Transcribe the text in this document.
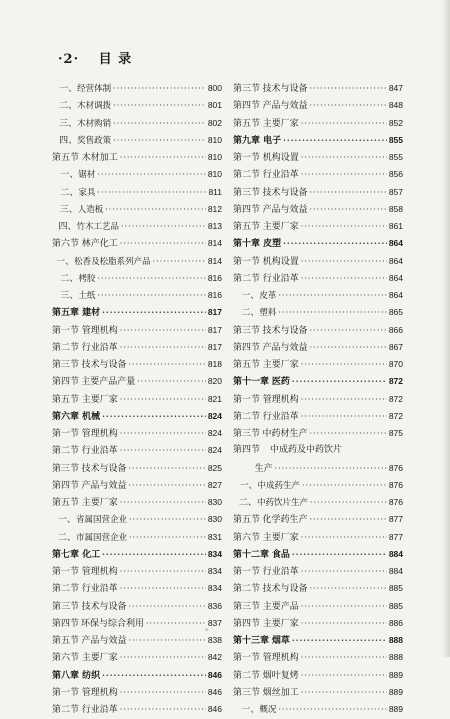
·2· 目 录
一、 经营体制 ·····	800
二、 木材调拨 ·····	801
三、 木材购销 ·····	802
四、 奖售政策 ·····	810
第五节 木材加工 ·····	810
一、 锯材 ·····	810
二、 家具 ·····	811
三、 人造板 ·····	812
四、 竹木工艺品 ·····	813
第六节 林产化工 ·····	814
一、 松香及松脂系列产品 ·····	814
二、 栲胶 ·····	816
三、 土纸 ·····	816
第五章 建材 ·····	817
第一节 管理机构 ·····	817
第二节 行业沿革 ·····	817
第三节 技术与设备 ·····	818
第四节 主要产品产量 ·····	820
第五节 主要厂家 ·····	821
第六章 机械 ·····	824
第一节 管理机构 ·····	824
第二节 行业沿革 ·····	824
第三节 技术与设备 ·····	825
第四节 产品与效益 ·····	827
第五节 主要厂家 ·····	830
一、 省属国营企业 ·····	830
二、 市属国营企业 ·····	831
第七章 化工 ·····	834
第一节 管理机构 ·····	834
第二节 行业沿革 ·····	834
第三节 技术与设备 ·····	836
第四节 环保与综合利用 ·····	837
第五节 产品与效益 ·····	838
第六节 主要厂家 ·····	842
第八章 纺织 ·····	846
第一节 管理机构 ·····	846
第二节 行业沿革 ·····	846
第三节 技术与设备 ·····	847
第四节 产品与效益 ·····	848
第五节 主要厂家 ·····	852
第九章 电子 ·····	855
第一节 机构设置 ·····	855
第二节 行业沿革 ·····	856
第三节 技术与设备 ·····	857
第四节 产品与效益 ·····	858
第五节 主要厂家 ·····	861
第十章 皮塑 ·····	864
第一节 机构设置 ·····	864
第二节 行业沿革 ·····	864
一、 皮革 ·····	864
二、 塑料 ·····	865
第三节 技术与设备 ·····	866
第四节 产品与效益 ·····	867
第五节 主要厂家 ·····	870
第十一章 医药 ·····	872
第一节 管理机构 ·····	872
第二节 行业沿革 ·····	872
第三节 中药材生产 ·····	875
第四节 中成药及中药饮片
生产 ·····	876
一、 中成药生产 ·····	876
二、 中药饮片生产 ·····	876
第五节 化学药生产 ·····	877
第六节 主要厂家 ·····	877
第十二章 食品 ·····	884
第一节 行业沿革 ·····	884
第二节 技术与设备 ·····	885
第三节 主要产品 ·····	885
第四节 主要厂家 ·····	886
第十三章 烟草 ·····	888
第一节 管理机构 ·····	888
第二节 烟叶复烤 ·····	889
第三节 烟丝加工 ·····	889
一、 概况 ·····	889
